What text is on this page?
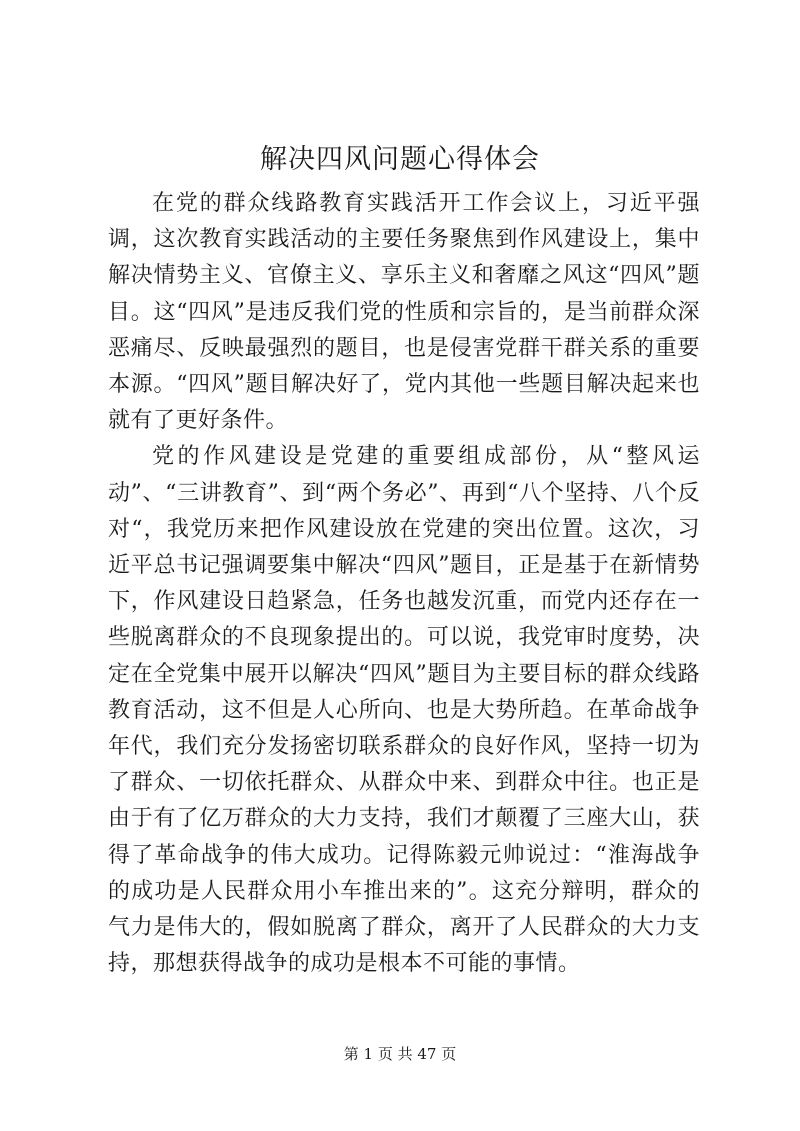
解决四风问题心得体会

在党的群众线路教育实践活开工作会议上，习近平强调，这次教育实践活动的主要任务聚焦到作风建设上，集中解决情势主义、官僚主义、享乐主义和奢靡之风这“四风”题目。这“四风”是违反我们党的性质和宗旨的，是当前群众深恶痛尽、反映最强烈的题目，也是侵害党群干群关系的重要本源。“四风”题目解决好了，党内其他一些题目解决起来也就有了更好条件。

党的作风建设是党建的重要组成部份，从“整风运动”、“三讲教育”、到“两个务必”、再到“八个坚持、八个反对“，我党历来把作风建设放在党建的突出位置。这次，习近平总书记强调要集中解决“四风”题目，正是基于在新情势下，作风建设日趋紧急，任务也越发沉重，而党内还存在一些脱离群众的不良现象提出的。可以说，我党审时度势，决定在全党集中展开以解决“四风”题目为主要目标的群众线路教育活动，这不但是人心所向、也是大势所趋。在革命战争年代，我们充分发扬密切联系群众的良好作风，坚持一切为了群众、一切依托群众、从群众中来、到群众中往。也正是由于有了亿万群众的大力支持，我们才颠覆了三座大山，获得了革命战争的伟大成功。记得陈毅元帅说过：“淮海战争的成功是人民群众用小车推出来的”。这充分辩明，群众的气力是伟大的，假如脱离了群众，离开了人民群众的大力支持，那想获得战争的成功是根本不可能的事情。

第 1 页 共 47 页
